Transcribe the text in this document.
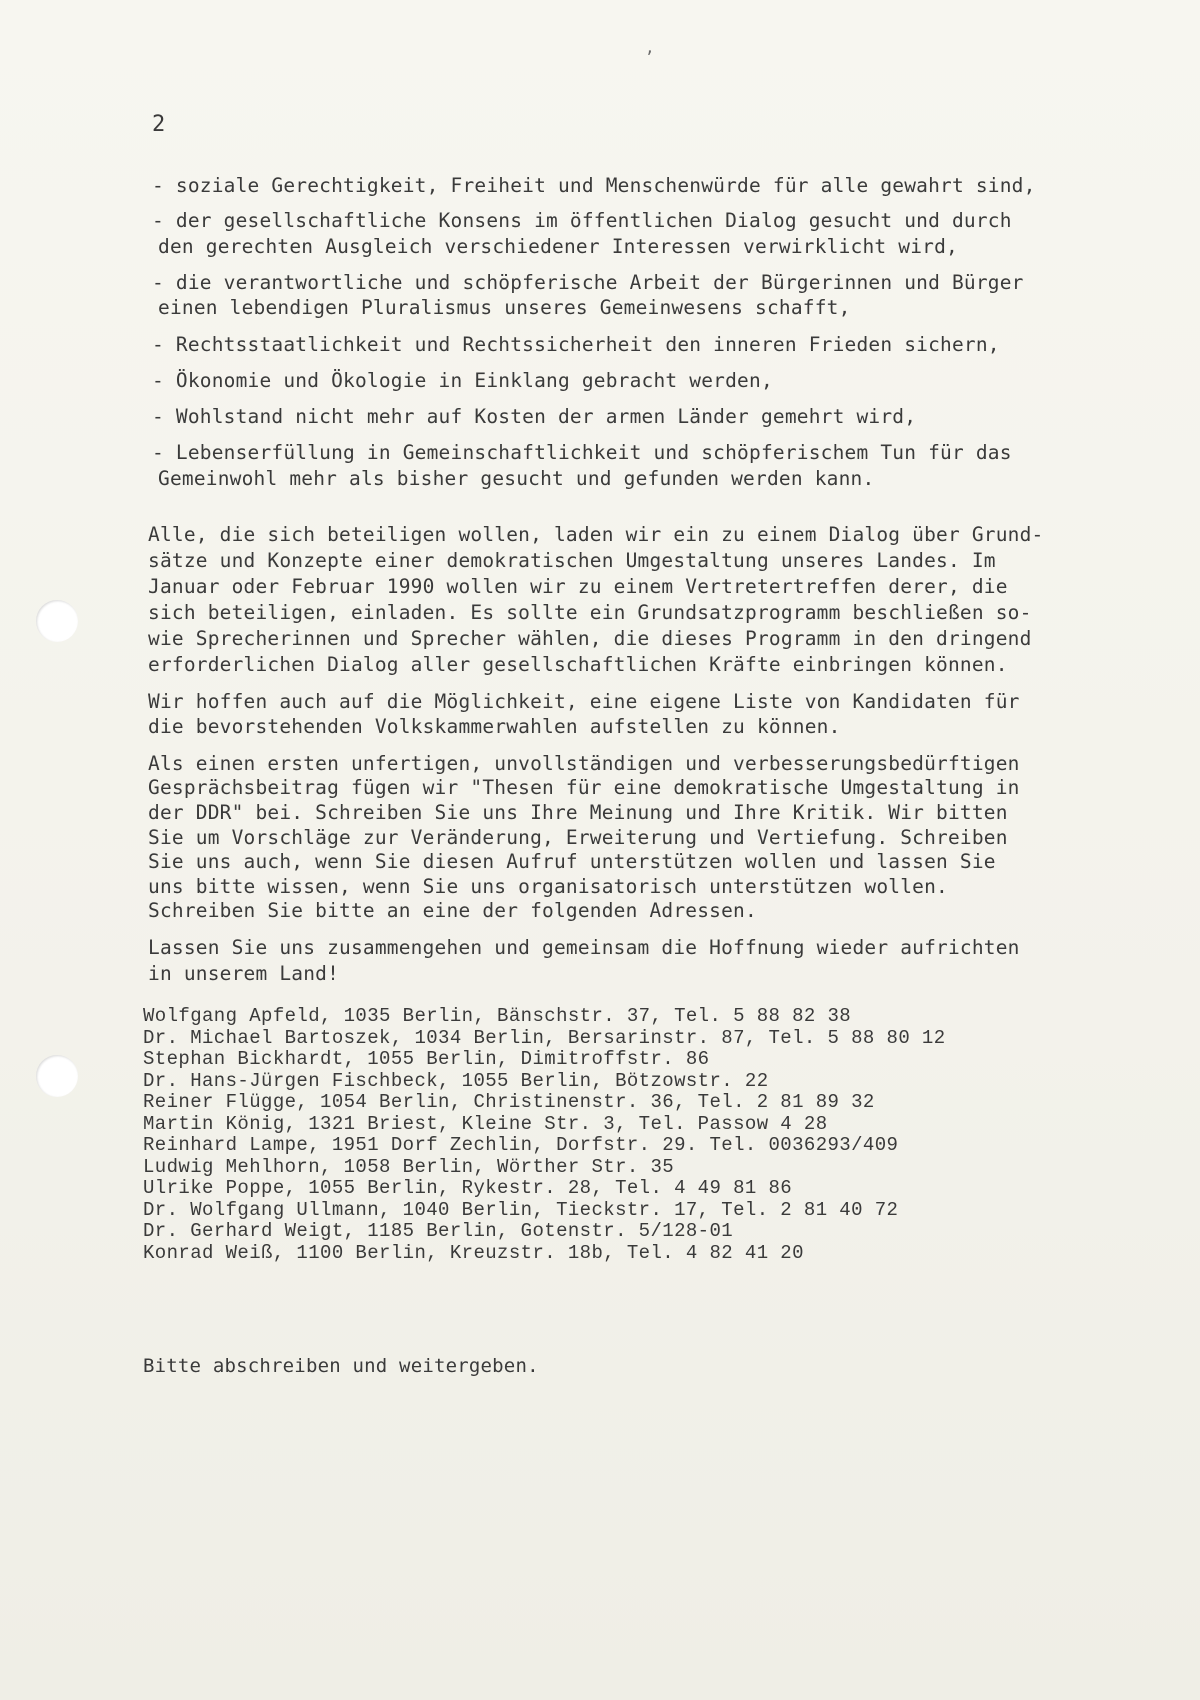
,
2
- soziale Gerechtigkeit, Freiheit und Menschenwürde für alle gewahrt sind,
- der gesellschaftliche Konsens im öffentlichen Dialog gesucht und durch
den gerechten Ausgleich verschiedener Interessen verwirklicht wird,
- die verantwortliche und schöpferische Arbeit der Bürgerinnen und Bürger
einen lebendigen Pluralismus unseres Gemeinwesens schafft,
- Rechtsstaatlichkeit und Rechtssicherheit den inneren Frieden sichern,
- Ökonomie und Ökologie in Einklang gebracht werden,
- Wohlstand nicht mehr auf Kosten der armen Länder gemehrt wird,
- Lebenserfüllung in Gemeinschaftlichkeit und schöpferischem Tun für das
Gemeinwohl mehr als bisher gesucht und gefunden werden kann.
Alle, die sich beteiligen wollen, laden wir ein zu einem Dialog über Grund-
sätze und Konzepte einer demokratischen Umgestaltung unseres Landes. Im
Januar oder Februar 1990 wollen wir zu einem Vertretertreffen derer, die
sich beteiligen, einladen. Es sollte ein Grundsatzprogramm beschließen so-
wie Sprecherinnen und Sprecher wählen, die dieses Programm in den dringend
erforderlichen Dialog aller gesellschaftlichen Kräfte einbringen können.
Wir hoffen auch auf die Möglichkeit, eine eigene Liste von Kandidaten für
die bevorstehenden Volkskammerwahlen aufstellen zu können.
Als einen ersten unfertigen, unvollständigen und verbesserungsbedürftigen
Gesprächsbeitrag fügen wir "Thesen für eine demokratische Umgestaltung in
der DDR" bei. Schreiben Sie uns Ihre Meinung und Ihre Kritik. Wir bitten
Sie um Vorschläge zur Veränderung, Erweiterung und Vertiefung. Schreiben
Sie uns auch, wenn Sie diesen Aufruf unterstützen wollen und lassen Sie
uns bitte wissen, wenn Sie uns organisatorisch unterstützen wollen.
Schreiben Sie bitte an eine der folgenden Adressen.
Lassen Sie uns zusammengehen und gemeinsam die Hoffnung wieder aufrichten
in unserem Land!
Wolfgang Apfeld, 1035 Berlin, Bänschstr. 37, Tel. 5 88 82 38
Dr. Michael Bartoszek, 1034 Berlin, Bersarinstr. 87, Tel. 5 88 80 12
Stephan Bickhardt, 1055 Berlin, Dimitroffstr. 86
Dr. Hans-Jürgen Fischbeck, 1055 Berlin, Bötzowstr. 22
Reiner Flügge, 1054 Berlin, Christinenstr. 36, Tel. 2 81 89 32
Martin König, 1321 Briest, Kleine Str. 3, Tel. Passow 4 28
Reinhard Lampe, 1951 Dorf Zechlin, Dorfstr. 29. Tel. 0036293/409
Ludwig Mehlhorn, 1058 Berlin, Wörther Str. 35
Ulrike Poppe, 1055 Berlin, Rykestr. 28, Tel. 4 49 81 86
Dr. Wolfgang Ullmann, 1040 Berlin, Tieckstr. 17, Tel. 2 81 40 72
Dr. Gerhard Weigt, 1185 Berlin, Gotenstr. 5/128-01
Konrad Weiß, 1100 Berlin, Kreuzstr. 18b, Tel. 4 82 41 20
Bitte abschreiben und weitergeben.
